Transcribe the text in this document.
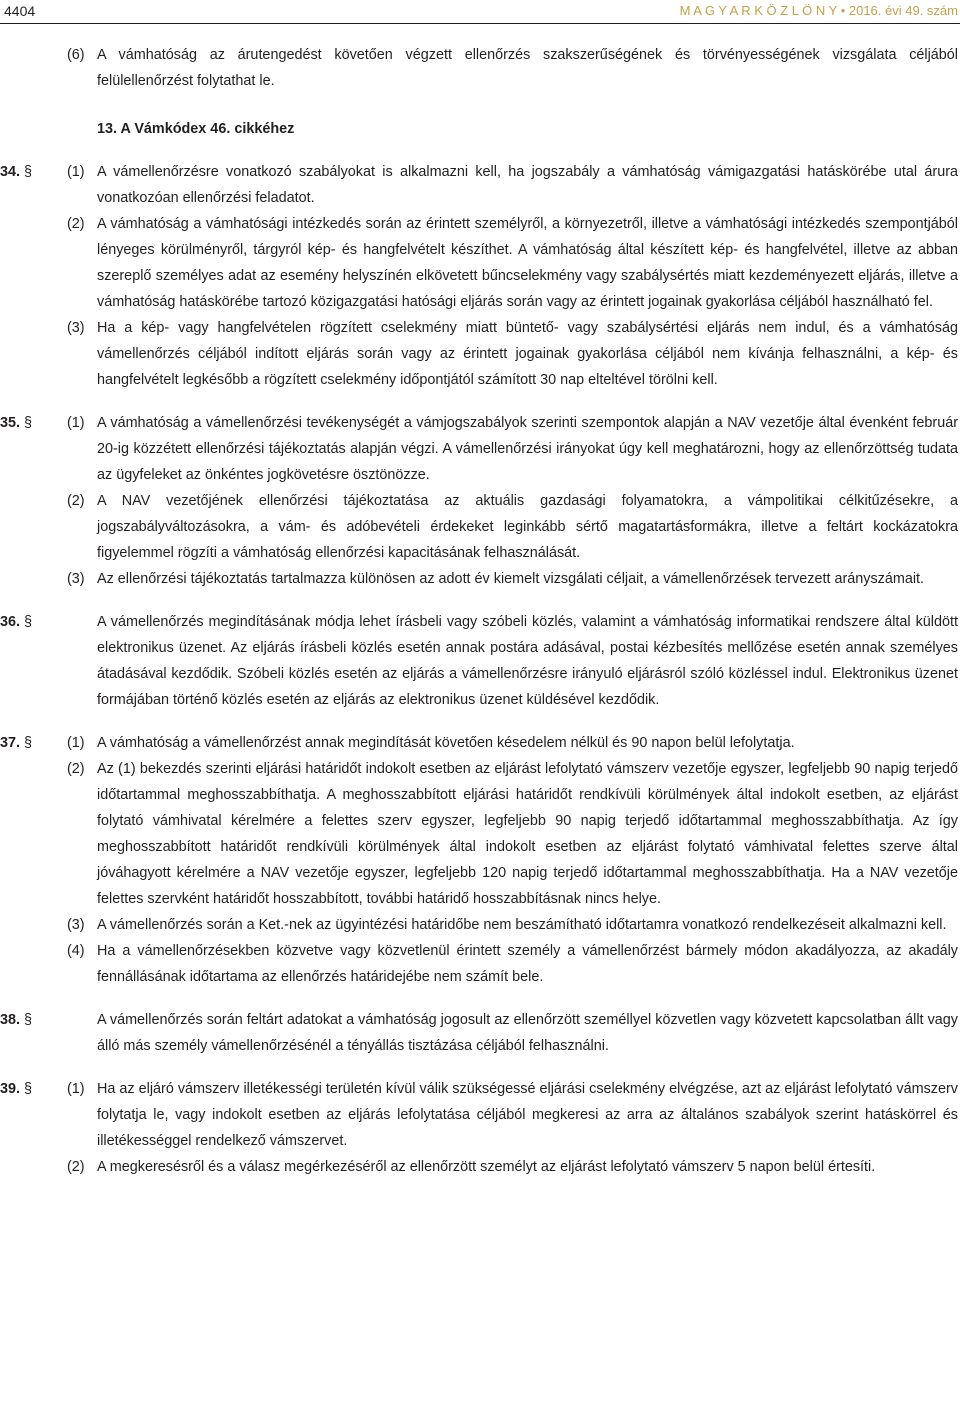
4404	M A G Y A R K Ö Z L Ö N Y • 2016. évi 49. szám
(6) A vámhatóság az árutengedést követően végzett ellenőrzés szakszerűségének és törvényességének vizsgálata céljából felülellenőrzést folytathat le.
13. A Vámkódex 46. cikkéhez
34. § (1) A vámellenőrzésre vonatkozó szabályokat is alkalmazni kell, ha jogszabály a vámhatóság vámigazgatási hatáskörébe utal árura vonatkozóan ellenőrzési feladatot.
(2) A vámhatóság a vámhatósági intézkedés során az érintett személyről, a környezetről, illetve a vámhatósági intézkedés szempontjából lényeges körülményről, tárgyról kép- és hangfelvételt készíthet. A vámhatóság által készített kép- és hangfelvétel, illetve az abban szereplő személyes adat az esemény helyszínén elkövetett bűncselekmény vagy szabálysértés miatt kezdeményezett eljárás, illetve a vámhatóság hatáskörébe tartozó közigazgatási hatósági eljárás során vagy az érintett jogainak gyakorlása céljából használható fel.
(3) Ha a kép- vagy hangfelvételen rögzített cselekmény miatt büntető- vagy szabálysértési eljárás nem indul, és a vámhatóság vámellenőrzés céljából indított eljárás során vagy az érintett jogainak gyakorlása céljából nem kívánja felhasználni, a kép- és hangfelvételt legkésőbb a rögzített cselekmény időpontjától számított 30 nap elteltével törölni kell.
35. § (1) A vámhatóság a vámellenőrzési tevékenységét a vámjogszabályok szerinti szempontok alapján a NAV vezetője által évenként február 20-ig közzétett ellenőrzési tájékoztatás alapján végzi. A vámellenőrzési irányokat úgy kell meghatározni, hogy az ellenőrzöttség tudata az ügyfeleket az önkéntes jogkövetésre ösztönözze.
(2) A NAV vezetőjének ellenőrzési tájékoztatása az aktuális gazdasági folyamatokra, a vámpolitikai célkitűzésekre, a jogszabályváltozásokra, a vám- és adóbevételi érdekeket leginkább sértő magatartásformákra, illetve a feltárt kockázatokra figyelemmel rögzíti a vámhatóság ellenőrzési kapacitásának felhasználását.
(3) Az ellenőrzési tájékoztatás tartalmazza különösen az adott év kiemelt vizsgálati céljait, a vámellenőrzések tervezett arányszámait.
36. §	A vámellenőrzés megindításának módja lehet írásbeli vagy szóbeli közlés, valamint a vámhatóság informatikai rendszere által küldött elektronikus üzenet. Az eljárás írásbeli közlés esetén annak postára adásával, postai kézbesítés mellőzése esetén annak személyes átadásával kezdődik. Szóbeli közlés esetén az eljárás a vámellenőrzésre irányuló eljárásról szóló közléssel indul. Elektronikus üzenet formájában történő közlés esetén az eljárás az elektronikus üzenet küldésével kezdődik.
37. § (1) A vámhatóság a vámellenőrzést annak megindítását követően késedelem nélkül és 90 napon belül lefolytatja.
(2) Az (1) bekezdés szerinti eljárási határidőt indokolt esetben az eljárást lefolytató vámszerv vezetője egyszer, legfeljebb 90 napig terjedő időtartammal meghosszabbíthatja. A meghosszabbított eljárási határidőt rendkívüli körülmények által indokolt esetben, az eljárást folytató vámhivatal kérelmére a felettes szerv egyszer, legfeljebb 90 napig terjedő időtartammal meghosszabbíthatja. Az így meghosszabbított határidőt rendkívüli körülmények által indokolt esetben az eljárást folytató vámhivatal felettes szerve által jóváhagyott kérelmére a NAV vezetője egyszer, legfeljebb 120 napig terjedő időtartammal meghosszabbíthatja. Ha a NAV vezetője felettes szervként határidőt hosszabbított, további határidő hosszabbításnak nincs helye.
(3) A vámellenőrzés során a Ket.-nek az ügyintézési határidőbe nem beszámítható időtartamra vonatkozó rendelkezéseit alkalmazni kell.
(4) Ha a vámellenőrzésekben közvetve vagy közvetlenül érintett személy a vámellenőrzést bármely módon akadályozza, az akadály fennállásának időtartama az ellenőrzés határidejébe nem számít bele.
38. §	A vámellenőrzés során feltárt adatokat a vámhatóság jogosult az ellenőrzött személlyel közvetlen vagy közvetett kapcsolatban állt vagy álló más személy vámellenőrzésénél a tényállás tisztázása céljából felhasználni.
39. § (1) Ha az eljáró vámszerv illetékességi területén kívül válik szükségessé eljárási cselekmény elvégzése, azt az eljárást lefolytató vámszerv folytatja le, vagy indokolt esetben az eljárás lefolytatása céljából megkeresi az arra az általános szabályok szerint hatáskörrel és illetékességgel rendelkező vámszervet.
(2) A megkeresésről és a válasz megérkezéséről az ellenőrzött személyt az eljárást lefolytató vámszerv 5 napon belül értesíti.
